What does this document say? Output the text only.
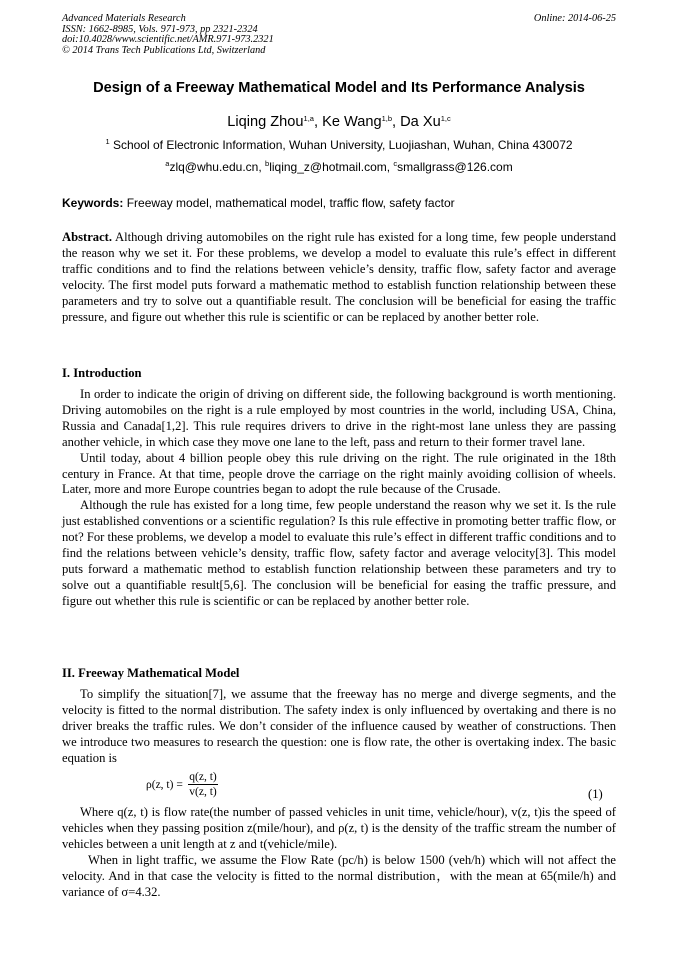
Advanced Materials Research
ISSN: 1662-8985, Vols. 971-973, pp 2321-2324
doi:10.4028/www.scientific.net/AMR.971-973.2321
© 2014 Trans Tech Publications Ltd, Switzerland
Online: 2014-06-25
Design of a Freeway Mathematical Model and Its Performance Analysis
Liqing Zhou$^{1,a}$, Ke Wang$^{1,b}$, Da Xu$^{1,c}$
$^1$ School of Electronic Information, Wuhan University, Luojiashan, Wuhan, China 430072
$^a$zlq@whu.edu.cn, $^b$liqing_z@hotmail.com, $^c$smallgrass@126.com
Keywords: Freeway model, mathematical model, traffic flow, safety factor

Abstract. Although driving automobiles on the right rule has existed for a long time, few people understand the reason why we set it. For these problems, we develop a model to evaluate this rule’s effect in different traffic conditions and to find the relations between vehicle’s density, traffic flow, safety factor and average velocity. The first model puts forward a mathematic method to establish function relationship between these parameters and try to solve out a quantifiable result. The conclusion will be beneficial for easing the traffic pressure, and figure out whether this rule is scientific or can be replaced by another better role.

I. Introduction

In order to indicate the origin of driving on different side, the following background is worth mentioning. Driving automobiles on the right is a rule employed by most countries in the world, including USA, China, Russia and Canada[1,2]. This rule requires drivers to drive in the right-most lane unless they are passing another vehicle, in which case they move one lane to the left, pass and return to their former travel lane.

Until today, about 4 billion people obey this rule driving on the right. The rule originated in the 18th century in France. At that time, people drove the carriage on the right mainly avoiding collision of wheels. Later, more and more Europe countries began to adopt the rule because of the Crusade.

Although the rule has existed for a long time, few people understand the reason why we set it. Is the rule just established conventions or a scientific regulation? Is this rule effective in promoting better traffic flow, or not? For these problems, we develop a model to evaluate this rule’s effect in different traffic conditions and to find the relations between vehicle’s density, traffic flow, safety factor and average velocity[3]. This model puts forward a mathematic method to establish function relationship between these parameters and try to solve out a quantifiable result[5,6]. The conclusion will be beneficial for easing the traffic pressure, and figure out whether this rule is scientific or can be replaced by another better role.

II. Freeway Mathematical Model

To simplify the situation[7], we assume that the freeway has no merge and diverge segments, and the velocity is fitted to the normal distribution. The safety index is only influenced by overtaking and there is no driver breaks the traffic rules. We don’t consider of the influence caused by weather of constructions. Then we introduce two measures to research the question: one is flow rate, the other is overtaking index. The basic equation is

ρ(z, t) =
q(z, t)
v(z, t)	(1)

Where q(z, t) is flow rate(the number of passed vehicles in unit time, vehicle/hour), v(z, t)is the speed of vehicles when they passing position z(mile/hour), and ρ(z, t) is the density of the traffic stream the number of vehicles between a unit length at z and t(vehicle/mile).

When in light traffic, we assume the Flow Rate (pc/h) is below 1500 (veh/h) which will not affect the velocity. And in that case the velocity is fitted to the normal distribution，with the mean at 65(mile/h) and variance of σ=4.32.
